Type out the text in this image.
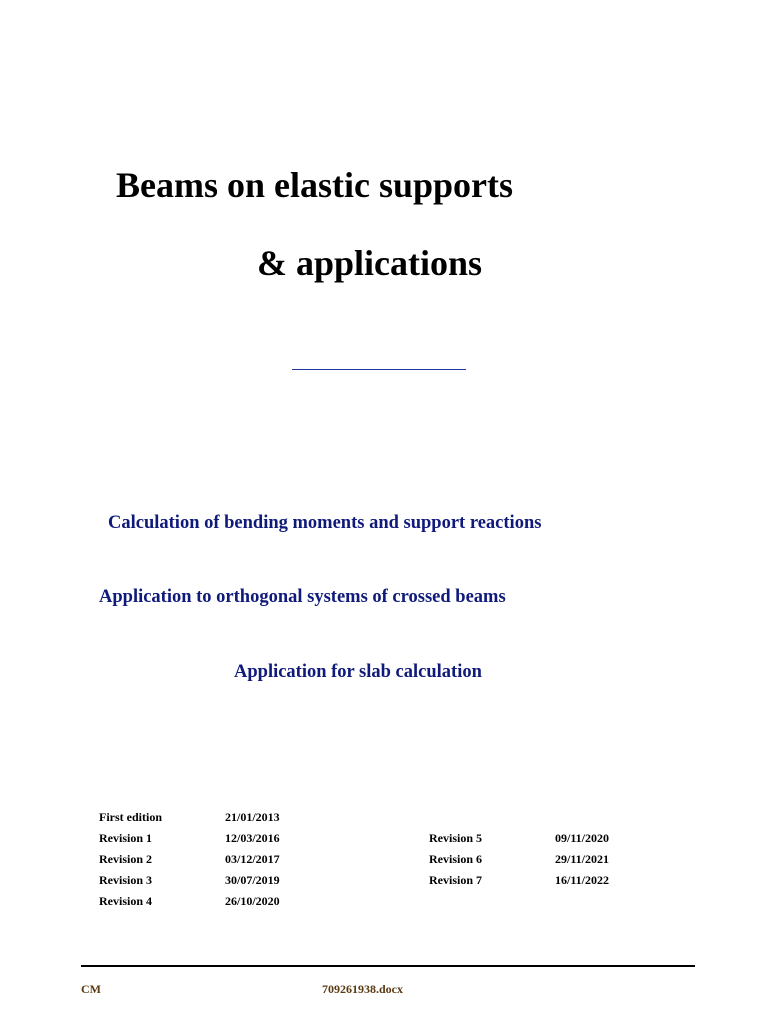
Beams on elastic supports
& applications
Calculation of bending moments and support reactions
Application to orthogonal systems of crossed beams
Application for slab calculation
First edition	21/01/2013
Revision 1	12/03/2016
Revision 2	03/12/2017
Revision 3	30/07/2019
Revision 4	26/10/2020
Revision 5	09/11/2020
Revision 6	29/11/2021
Revision 7	16/11/2022
CM	709261938.docx
